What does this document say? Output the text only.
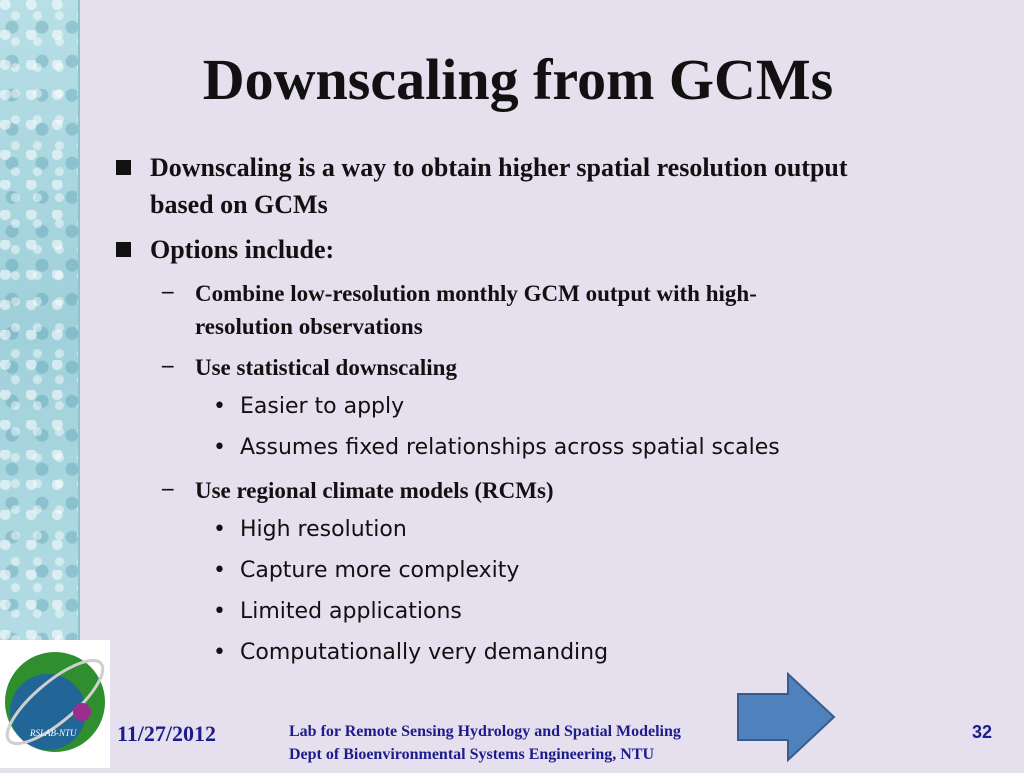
RSLAB-NTU
Downscaling from GCMs
Downscaling is a way to obtain higher spatial resolution output
based on GCMs
Options include:
– Combine low-resolution monthly GCM output with high-
resolution observations
– Use statistical downscaling
• Easier to apply
• Assumes fixed relationships across spatial scales
– Use regional climate models (RCMs)
• High resolution
• Capture more complexity
• Limited applications
• Computationally very demanding
11/27/2012	Lab for Remote Sensing Hydrology and Spatial Modeling
Dept of Bioenvironmental Systems Engineering, NTU
32
